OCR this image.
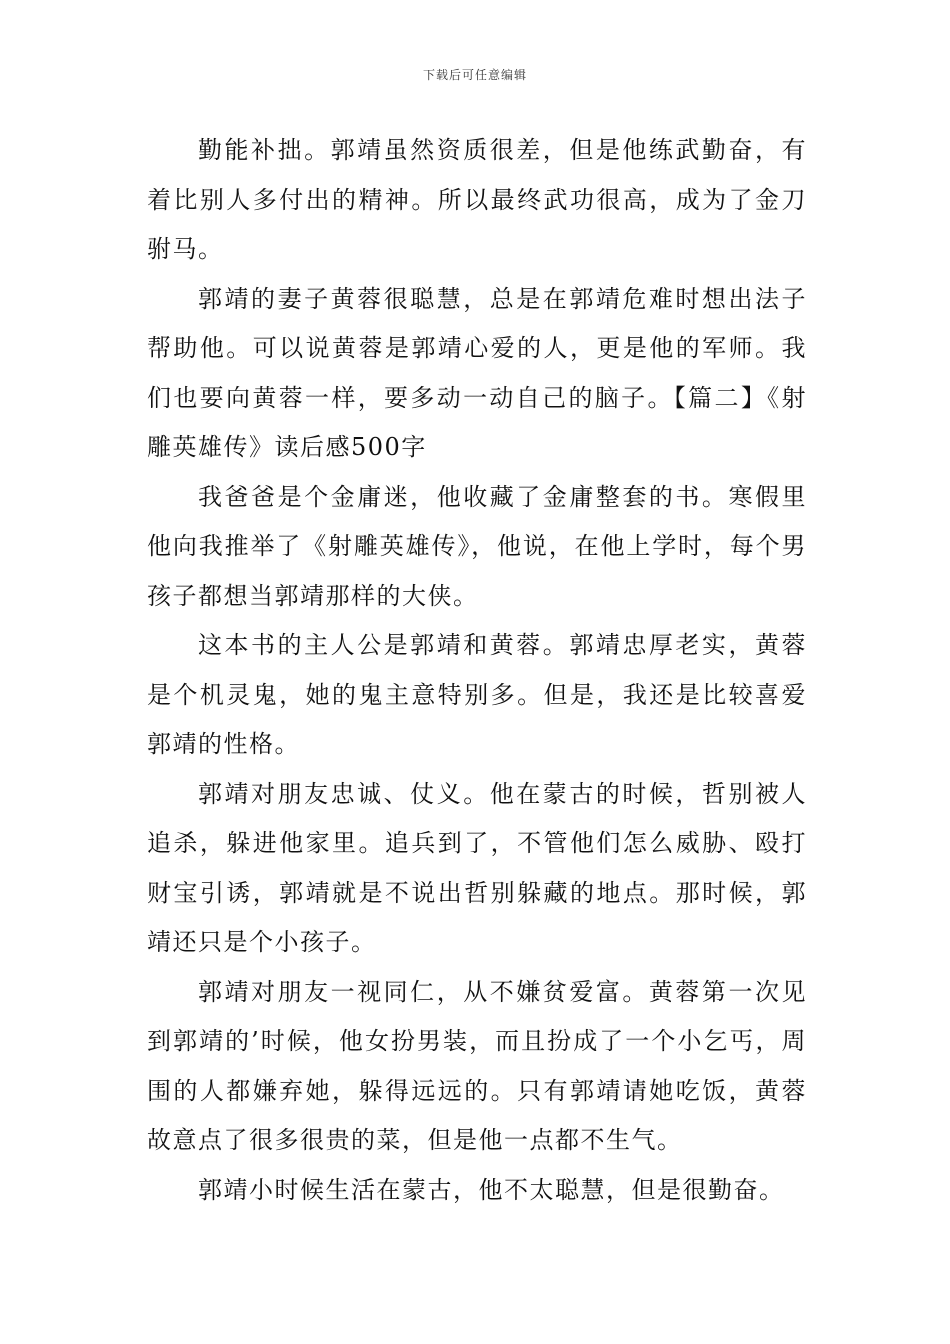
下载后可任意编辑

勤能补拙。郭靖虽然资质很差，但是他练武勤奋，有着比别人多付出的精神。所以最终武功很高，成为了金刀驸马。

郭靖的妻子黄蓉很聪慧，总是在郭靖危难时想出法子帮助他。可以说黄蓉是郭靖心爱的人，更是他的军师。我们也要向黄蓉一样，要多动一动自己的脑子。【篇二】《射雕英雄传》读后感500字

我爸爸是个金庸迷，他收藏了金庸整套的书。寒假里他向我推举了《射雕英雄传》，他说，在他上学时，每个男孩子都想当郭靖那样的大侠。

这本书的主人公是郭靖和黄蓉。郭靖忠厚老实，黄蓉是个机灵鬼，她的鬼主意特别多。但是，我还是比较喜爱郭靖的性格。

郭靖对朋友忠诚、仗义。他在蒙古的时候，哲别被人追杀，躲进他家里。追兵到了，不管他们怎么威胁、殴打财宝引诱，郭靖就是不说出哲别躲藏的地点。那时候，郭靖还只是个小孩子。

郭靖对朋友一视同仁，从不嫌贫爱富。黄蓉第一次见到郭靖的’时候，他女扮男装，而且扮成了一个小乞丐，周围的人都嫌弃她，躲得远远的。只有郭靖请她吃饭，黄蓉故意点了很多很贵的菜，但是他一点都不生气。

郭靖小时候生活在蒙古，他不太聪慧，但是很勤奋。
